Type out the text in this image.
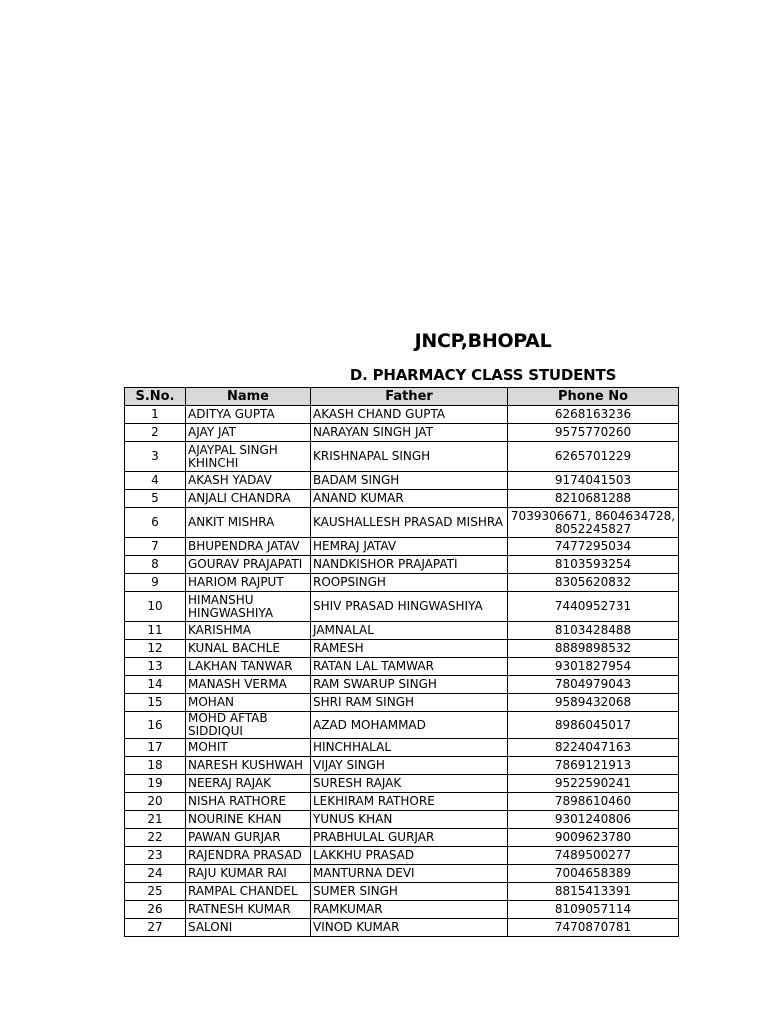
JNCP,BHOPAL
D. PHARMACY CLASS STUDENTS
S.No.	Name	Father	Phone No
1	ADITYA GUPTA	AKASH CHAND GUPTA	6268163236
2	AJAY JAT	NARAYAN SINGH JAT	9575770260
3	AJAYPAL SINGH KHINCHI	KRISHNAPAL SINGH	6265701229
4	AKASH YADAV	BADAM SINGH	9174041503
5	ANJALI CHANDRA	ANAND KUMAR	8210681288
6	ANKIT MISHRA	KAUSHALLESH PRASAD MISHRA	7039306671, 8604634728, 8052245827
7	BHUPENDRA JATAV	HEMRAJ JATAV	7477295034
8	GOURAV PRAJAPATI	NANDKISHOR PRAJAPATI	8103593254
9	HARIOM RAJPUT	ROOPSINGH	8305620832
10	HIMANSHU HINGWASHIYA	SHIV PRASAD HINGWASHIYA	7440952731
11	KARISHMA	JAMNALAL	8103428488
12	KUNAL BACHLE	RAMESH	8889898532
13	LAKHAN TANWAR	RATAN LAL TAMWAR	9301827954
14	MANASH VERMA	RAM SWARUP SINGH	7804979043
15	MOHAN	SHRI RAM SINGH	9589432068
16	MOHD AFTAB SIDDIQUI	AZAD MOHAMMAD	8986045017
17	MOHIT	HINCHHALAL	8224047163
18	NARESH KUSHWAH	VIJAY SINGH	7869121913
19	NEERAJ RAJAK	SURESH RAJAK	9522590241
20	NISHA RATHORE	LEKHIRAM RATHORE	7898610460
21	NOURINE KHAN	YUNUS KHAN	9301240806
22	PAWAN GURJAR	PRABHULAL GURJAR	9009623780
23	RAJENDRA PRASAD	LAKKHU PRASAD	7489500277
24	RAJU KUMAR RAI	MANTURNA DEVI	7004658389
25	RAMPAL CHANDEL	SUMER SINGH	8815413391
26	RATNESH KUMAR	RAMKUMAR	8109057114
27	SALONI	VINOD KUMAR	7470870781
